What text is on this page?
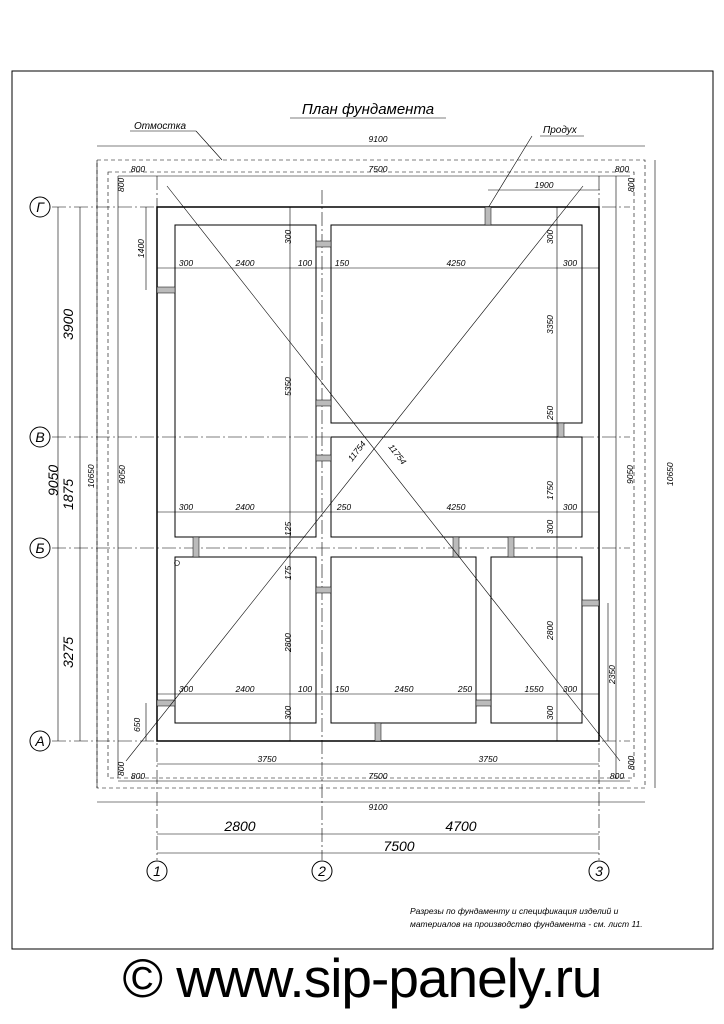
План фундамента
Отмостка	Продух
9100
800	7500	800
1900
800	800
Г
В
Б
А
1	2	3
3900
9050 1875
3275
10650 9050	9050	10650
11754 11754
1400
650
2350
300	2400	100	150	4250	300
300	300
300	2400	250	4250	300
300	2400	100	150	2450	250	1550 300
5350
3350
250
1750
300
125
175
2800
2800
300	300
3750	3750
800	7500	800
800	800
9100
2800	4700
7500
Разрезы по фундаменту и спецификация изделий и
материалов на производство фундамента - см. лист 11.
© www.sip-panely.ru
